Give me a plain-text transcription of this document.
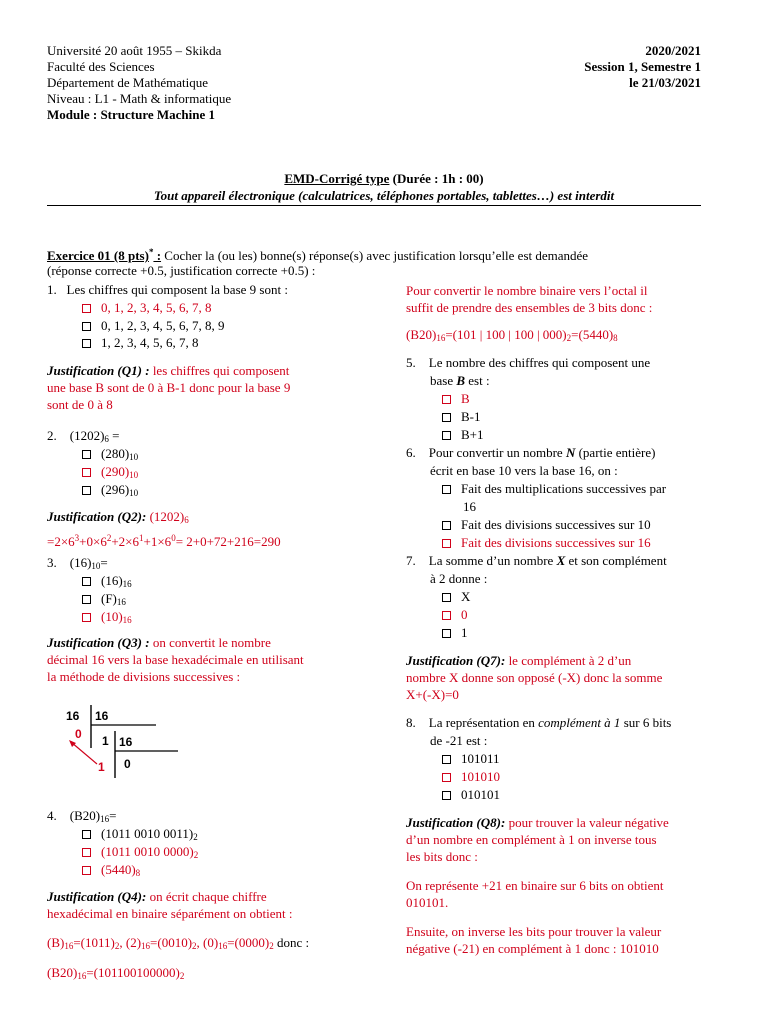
Université 20 août 1955 – Skikda
Faculté des Sciences
Département de Mathématique
Niveau : L1 - Math & informatique
Module : Structure Machine 1
2020/2021
Session 1, Semestre 1
le 21/03/2021
EMD-Corrigé type (Durée : 1h : 00)
Tout appareil électronique (calculatrices, téléphones portables, tablettes…) est interdit
Exercice 01 (8 pts)* : Cocher la (ou les) bonne(s) réponse(s) avec justification lorsqu’elle est demandée
(réponse correcte +0.5, justification correcte +0.5) :
1. Les chiffres qui composent la base 9 sont :
0, 1, 2, 3, 4, 5, 6, 7, 8
0, 1, 2, 3, 4, 5, 6, 7, 8, 9
1, 2, 3, 4, 5, 6, 7, 8
Justification (Q1) : les chiffres qui composent
une base B sont de 0 à B-1 donc pour la base 9
sont de 0 à 8
2. $(1202)_6$ =
$(280)_{10}$
$(290)_{10}$
$(296)_{10}$
Justification (Q2): $(1202)_6$
$=2\times 6^3+0\times 6^2+2\times 6^1+1\times 6^0= 2+0+72+216=290$
3. $(16)_{10}=$
$(16)_{16}$
$(F)_{16}$
$(10)_{16}$
Justification (Q3) : on convertit le nombre
décimal 16 vers la base hexadécimale en utilisant
la méthode de divisions successives :
16 16
0 1 16
1 0
4. $(B20)_{16}=$
(1011 0010 $0011)_2$
(1011 0010 $0000)_2$
$(5440)_8$
Justification (Q4): on écrit chaque chiffre
hexadécimal en binaire séparément on obtient :
$(B)_{16}=(1011)_2$, $(2)_{16}=(0010)_2$, $(0)_{16}=(0000)_2$ donc :
$(B20)_{16}=(101100100000)_2$
Pour convertir le nombre binaire vers l’octal il
suffit de prendre des ensembles de 3 bits donc :
$(B20)_{16}=(101$ | 100 | 100 | $000)_2=(5440)_8$
5. Le nombre des chiffres qui composent une
base B est :
B
B-1
B+1
6. Pour convertir un nombre N (partie entière)
écrit en base 10 vers la base 16, on :
Fait des multiplications successives par
16
Fait des divisions successives sur 10
Fait des divisions successives sur 16
7. La somme d’un nombre X et son complément
à 2 donne :
X
0
1
Justification (Q7): le complément à 2 d’un
nombre X donne son opposé (-X) donc la somme
X+(-X)=0
8. La représentation en complément à 1 sur 6 bits
de -21 est :
101011
101010
010101
Justification (Q8): pour trouver la valeur négative
d’un nombre en complément à 1 on inverse tous
les bits donc :
On représente +21 en binaire sur 6 bits on obtient
010101.
Ensuite, on inverse les bits pour trouver la valeur
négative (-21) en complément à 1 donc : 101010
